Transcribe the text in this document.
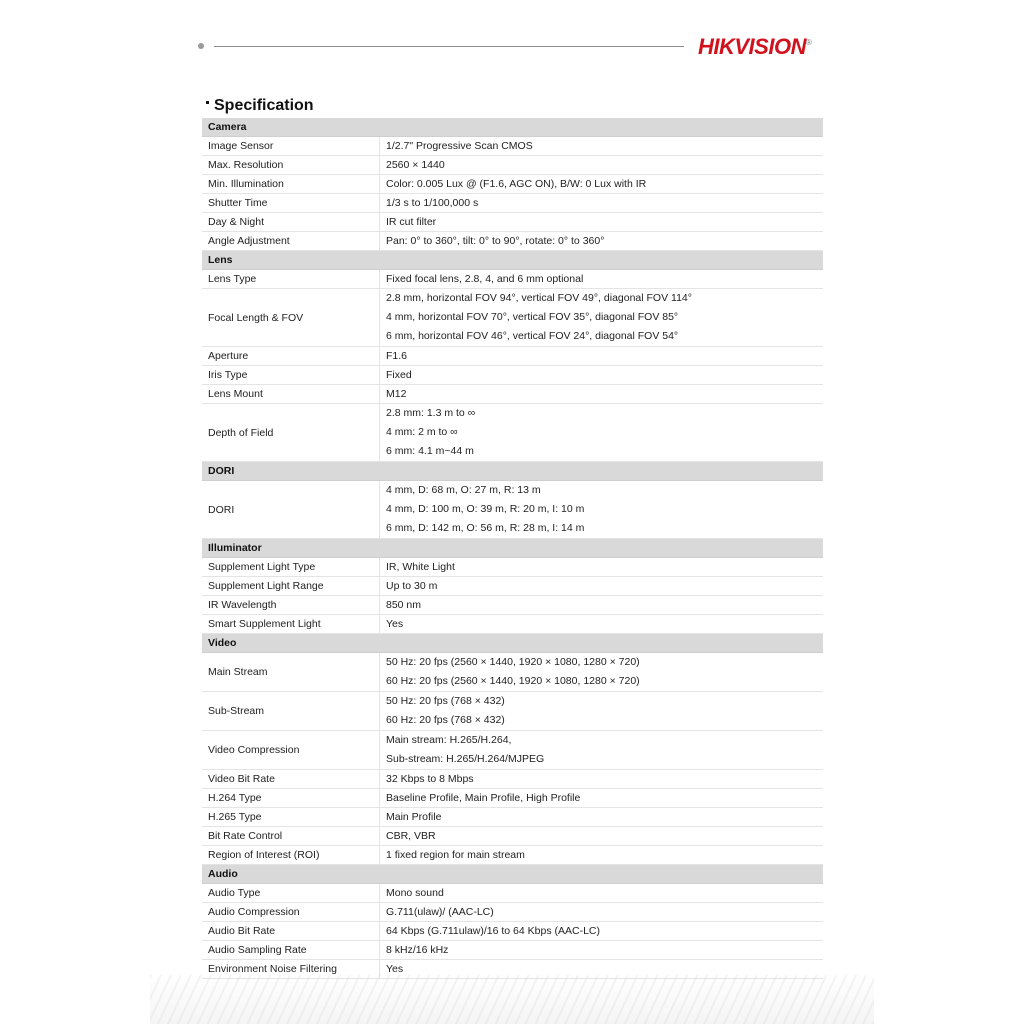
HIKVISION®
Specification
Camera	
Image Sensor	1/2.7" Progressive Scan CMOS
Max. Resolution	2560 × 1440
Min. Illumination	Color: 0.005 Lux @ (F1.6, AGC ON), B/W: 0 Lux with IR
Shutter Time	1/3 s to 1/100,000 s
Day & Night	IR cut filter
Angle Adjustment	Pan: 0° to 360°, tilt: 0° to 90°, rotate: 0° to 360°
Lens	
Lens Type	Fixed focal lens, 2.8, 4, and 6 mm optional
Focal Length & FOV	2.8 mm, horizontal FOV 94°, vertical FOV 49°, diagonal FOV 114°
4 mm, horizontal FOV 70°, vertical FOV 35°, diagonal FOV 85°
6 mm, horizontal FOV 46°, vertical FOV 24°, diagonal FOV 54°

Aperture	F1.6
Iris Type	Fixed
Lens Mount	M12
Depth of Field	2.8 mm: 1.3 m to ∞
4 mm: 2 m to ∞
6 mm: 4.1 m~44 m

DORI	
DORI	4 mm, D: 68 m, O: 27 m, R: 13 m
4 mm, D: 100 m, O: 39 m, R: 20 m, I: 10 m
6 mm, D: 142 m, O: 56 m, R: 28 m, I: 14 m

Illuminator	
Supplement Light Type	IR, White Light
Supplement Light Range	Up to 30 m
IR Wavelength	850 nm
Smart Supplement Light	Yes
Video	
Main Stream	50 Hz: 20 fps (2560 × 1440, 1920 × 1080, 1280 × 720)
60 Hz: 20 fps (2560 × 1440, 1920 × 1080, 1280 × 720)

Sub-Stream	50 Hz: 20 fps (768 × 432)
60 Hz: 20 fps (768 × 432)

Video Compression	Main stream: H.265/H.264,
Sub-stream: H.265/H.264/MJPEG

Video Bit Rate	32 Kbps to 8 Mbps
H.264 Type	Baseline Profile, Main Profile, High Profile
H.265 Type	Main Profile
Bit Rate Control	CBR, VBR
Region of Interest (ROI)	1 fixed region for main stream
Audio	
Audio Type	Mono sound
Audio Compression	G.711(ulaw)/ (AAC-LC)
Audio Bit Rate	64 Kbps (G.711ulaw)/16 to 64 Kbps (AAC-LC)
Audio Sampling Rate	8 kHz/16 kHz
Environment Noise Filtering	Yes
